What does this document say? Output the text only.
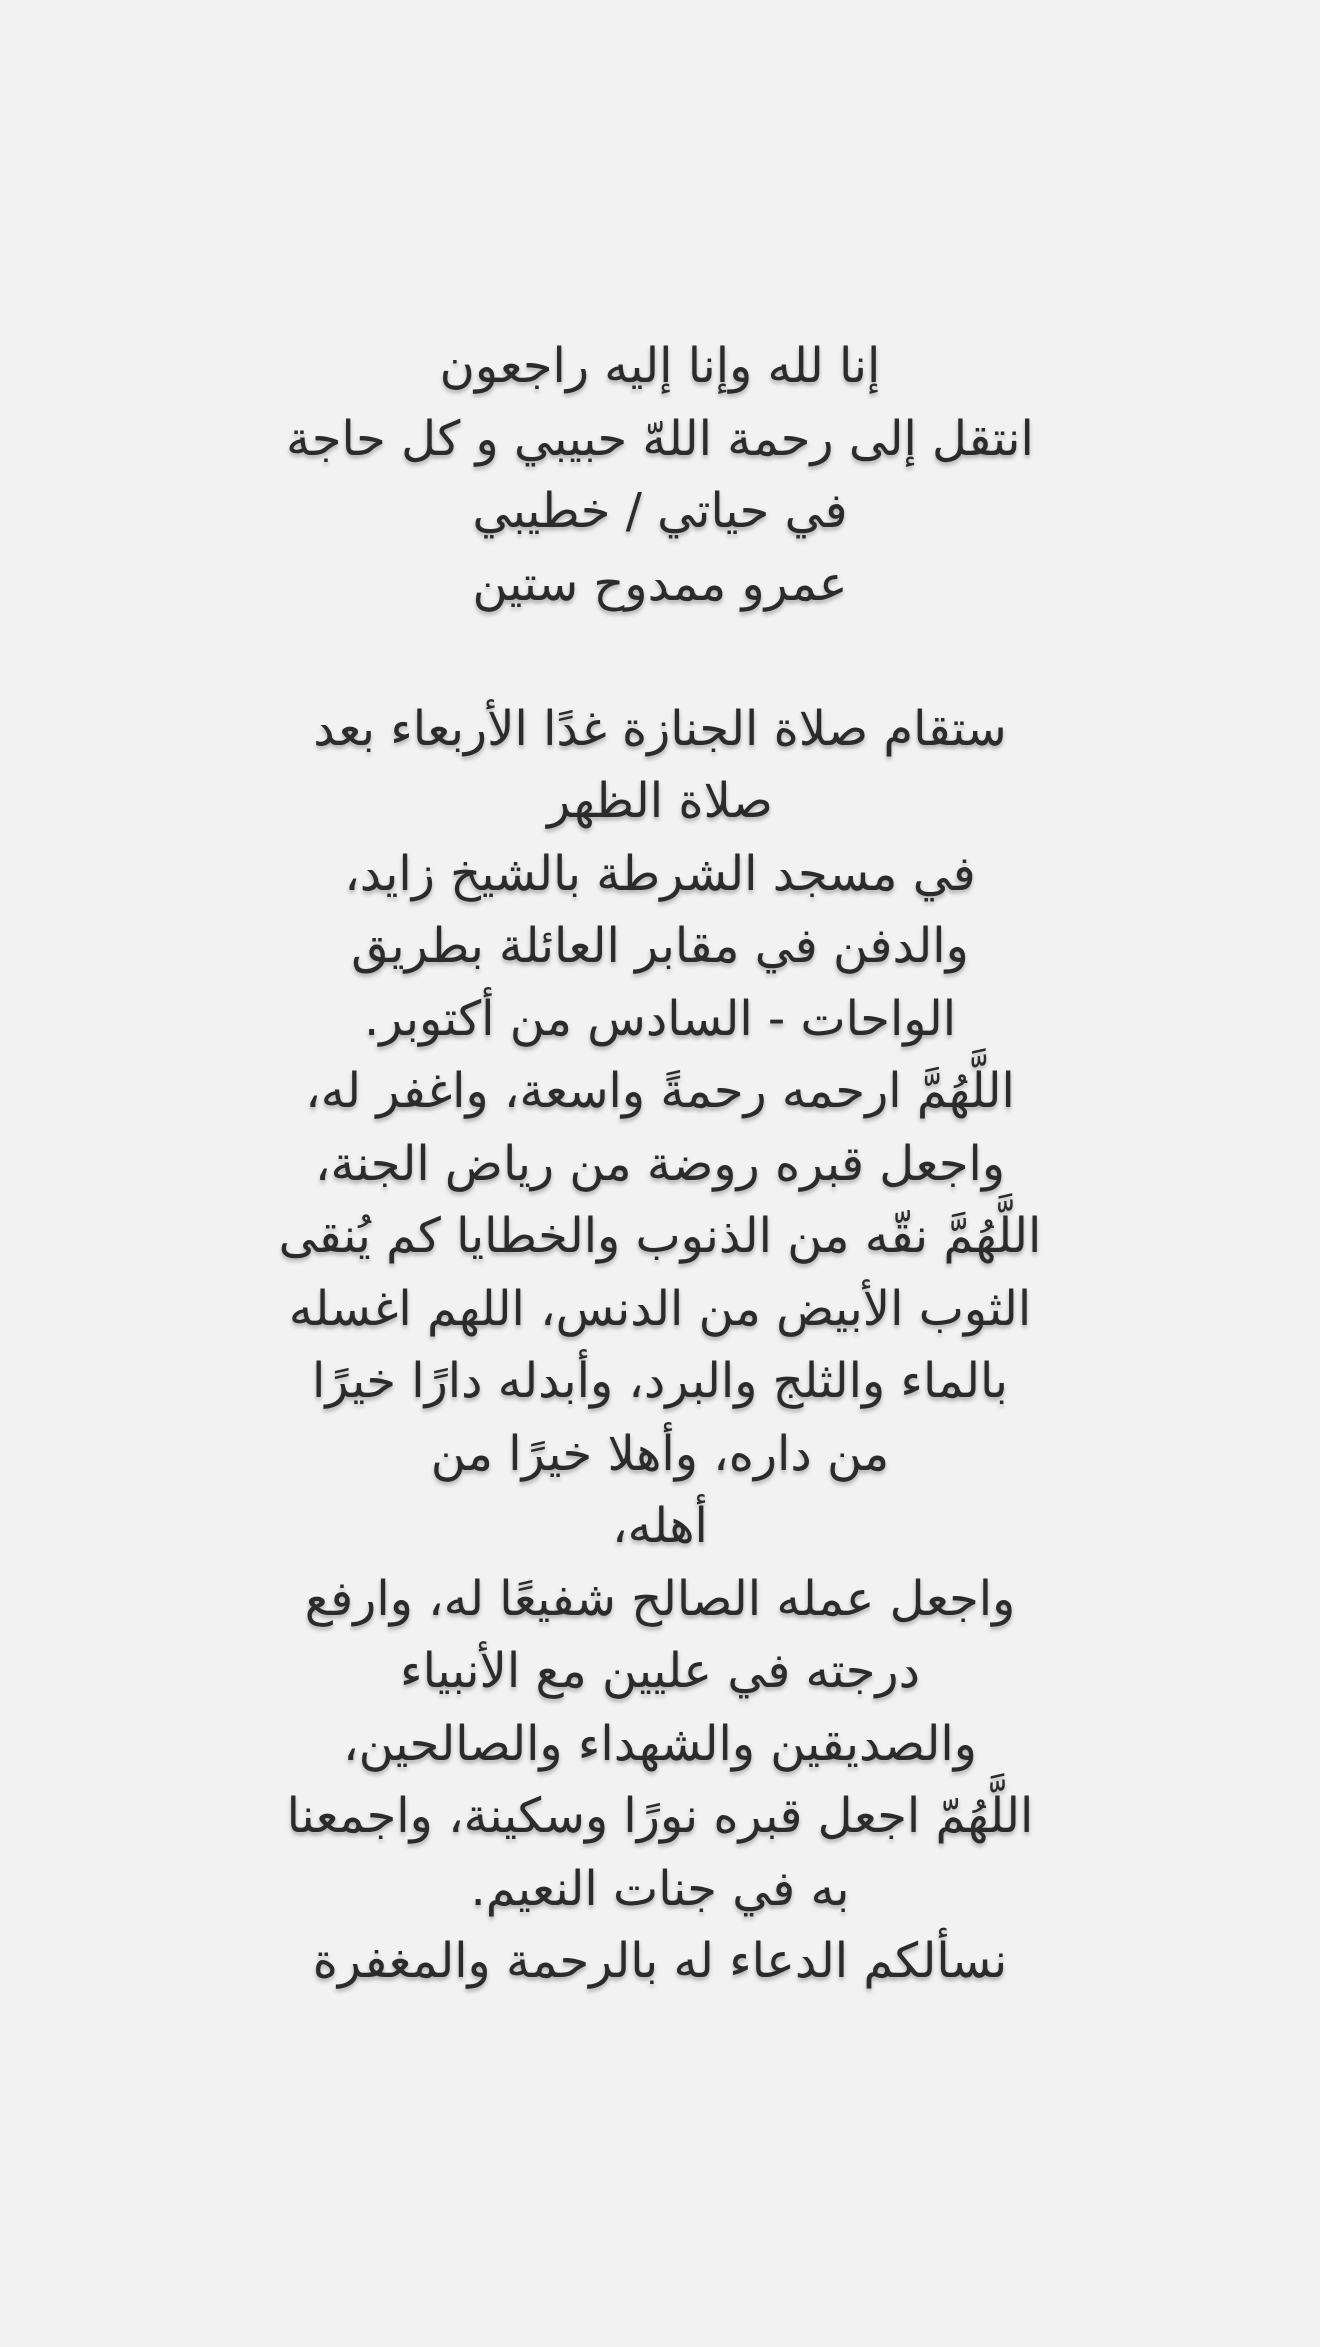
إنا لله وإنا إليه راجعون
انتقل إلى رحمة اللهّ حبيبي و كل حاجة
في حياتي / خطيبي
عمرو ممدوح ستين
ستقام صلاة الجنازة غدًا الأربعاء بعد
صلاة الظهر
في مسجد الشرطة بالشيخ زايد،
والدفن في مقابر العائلة بطريق
الواحات - السادس من أكتوبر.
اللَّهُمَّ ارحمه رحمةً واسعة، واغفر له،
واجعل قبره روضة من رياض الجنة،
اللَّهُمَّ نقّه من الذنوب والخطايا كم يُنقى
الثوب الأبيض من الدنس، اللهم اغسله
بالماء والثلج والبرد، وأبدله دارًا خيرًا
من داره، وأهلا خيرًا من
أهله،
واجعل عمله الصالح شفيعًا له، وارفع
درجته في عليين مع الأنبياء
والصديقين والشهداء والصالحين،
اللَّهُمّ اجعل قبره نورًا وسكينة، واجمعنا
به في جنات النعيم.
نسألكم الدعاء له بالرحمة والمغفرة
